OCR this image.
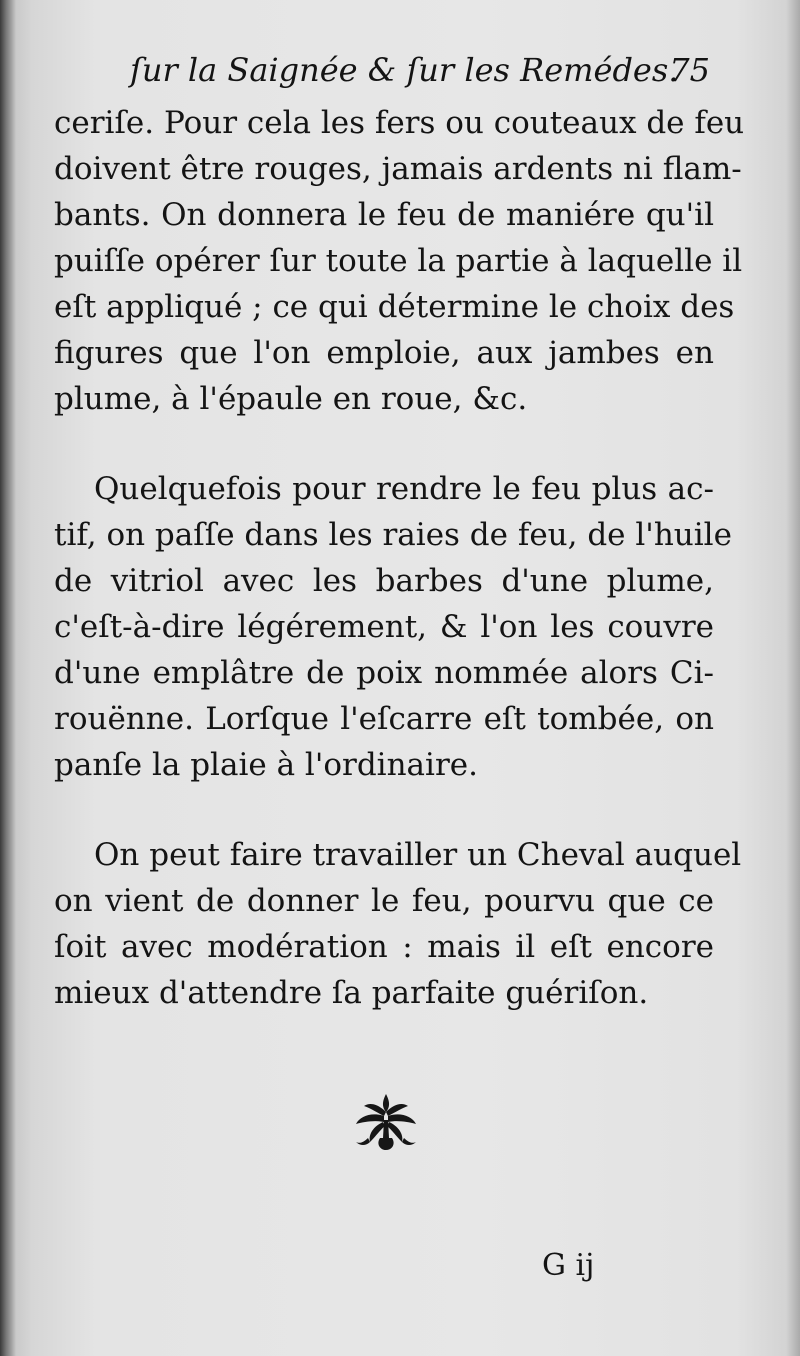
ſur la Saignée & ſur les Remédes.
75
ceriſe. Pour cela les fers ou couteaux de feu
doivent être rouges, jamais ardents ni flam-
bants. On donnera le feu de maniére qu'il
puiſſe opérer ſur toute la partie à laquelle il
eſt appliqué ; ce qui détermine le choix des
figures que l'on emploie, aux jambes en
plume, à l'épaule en roue, &c.
Quelquefois pour rendre le feu plus ac-
tif, on paſſe dans les raies de feu, de l'huile
de vitriol avec les barbes d'une plume,
c'eſt-à-dire légérement, & l'on les couvre
d'une emplâtre de poix nommée alors Ci-
rouënne. Lorſque l'eſcarre eſt tombée, on
panſe la plaie à l'ordinaire.
On peut faire travailler un Cheval auquel
on vient de donner le feu, pourvu que ce
ſoit avec modération : mais il eſt encore
mieux d'attendre ſa parfaite guériſon.
G ij
